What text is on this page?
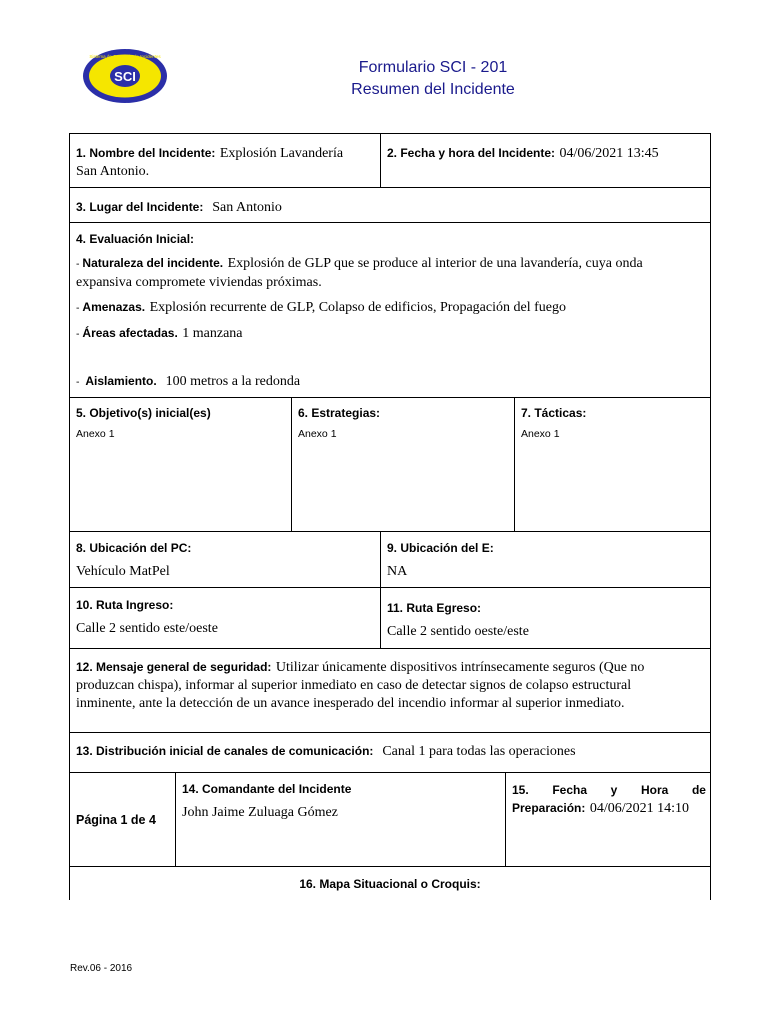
SCI
Sistema de Comando de Incidentes
Formulario SCI - 201
Resumen del Incidente
1. Nombre del Incidente: Explosión Lavandería
San Antonio.
2. Fecha y hora del Incidente: 04/06/2021 13:45
3. Lugar del Incidente: San Antonio
4. Evaluación Inicial:
- Naturaleza del incidente. Explosión de GLP que se produce al interior de una lavandería, cuya onda
expansiva compromete viviendas próximas.
- Amenazas. Explosión recurrente de GLP, Colapso de edificios, Propagación del fuego
- Áreas afectadas. 1 manzana
-  Aislamiento. 100 metros a la redonda
5. Objetivo(s) inicial(es)
Anexo 1
6. Estrategias:
Anexo 1
7. Tácticas:
Anexo 1
8. Ubicación del PC:
Vehículo MatPel
9. Ubicación del E:
NA
10. Ruta Ingreso:
Calle 2 sentido este/oeste
11. Ruta Egreso:
Calle 2 sentido oeste/este
12. Mensaje general de seguridad: Utilizar únicamente dispositivos intrínsecamente seguros (Que no
produzcan chispa), informar al superior inmediato en caso de detectar signos de colapso estructural
inminente, ante la detección de un avance inesperado del incendio informar al superior inmediato.
13. Distribución inicial de canales de comunicación: Canal 1 para todas las operaciones
Página 1 de 4
14. Comandante del Incidente
John Jaime Zuluaga Gómez
15. Fecha y Hora de
Preparación: 04/06/2021 14:10
16. Mapa Situacional o Croquis:
Rev.06 - 2016
